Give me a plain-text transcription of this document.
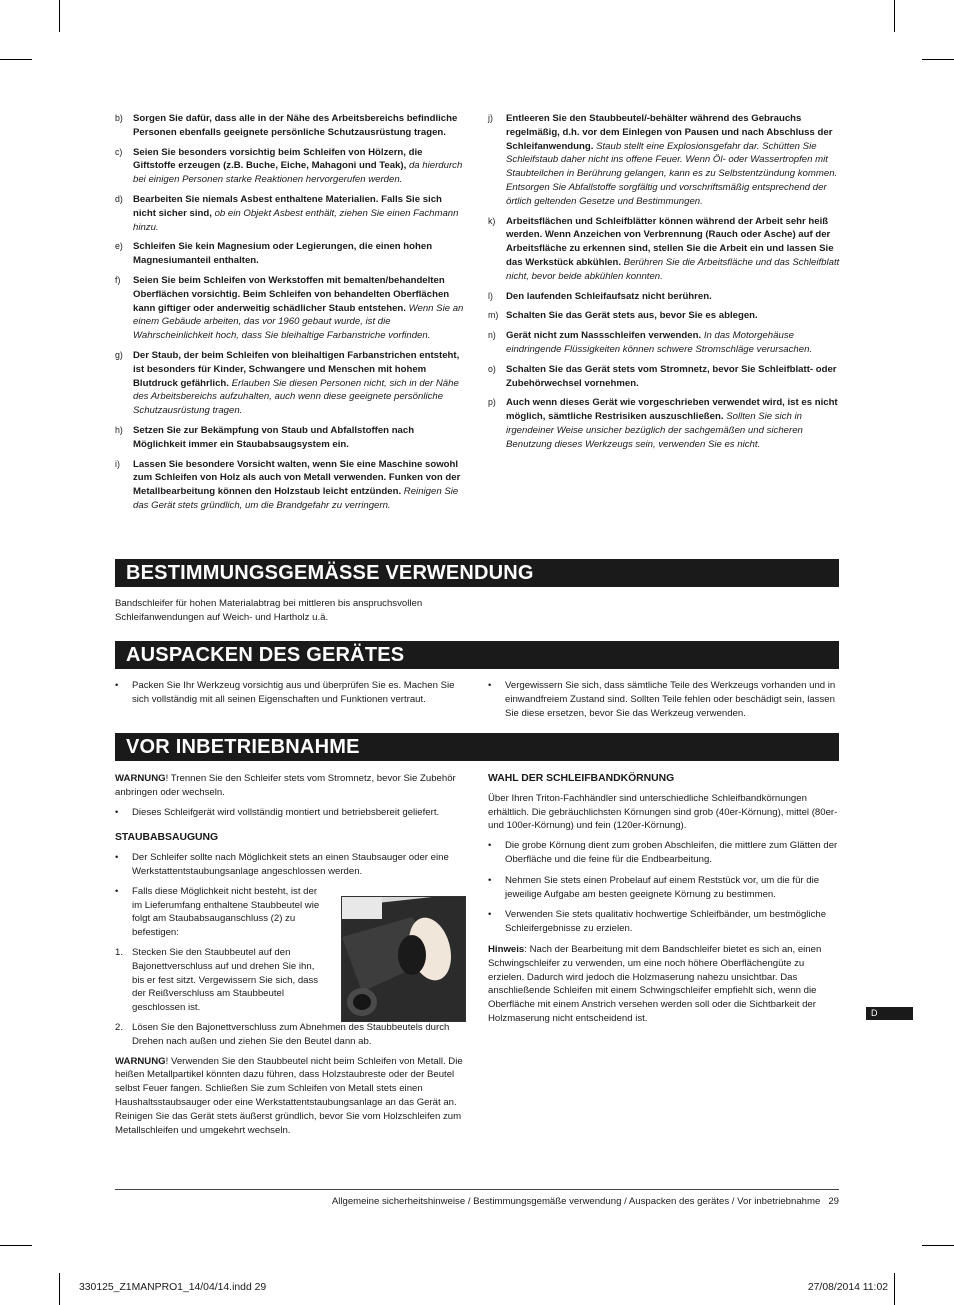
b)	Sorgen Sie dafür, dass alle in der Nähe des Arbeitsbereichs befindliche Personen ebenfalls geeignete persönliche Schutzausrüstung tragen.
c)	Seien Sie besonders vorsichtig beim Schleifen von Hölzern, die Giftstoffe erzeugen (z.B. Buche, Eiche, Mahagoni und Teak), da hierdurch bei einigen Personen starke Reaktionen hervorgerufen werden.
d)	Bearbeiten Sie niemals Asbest enthaltene Materialien. Falls Sie sich nicht sicher sind, ob ein Objekt Asbest enthält, ziehen Sie einen Fachmann hinzu.
e)	Schleifen Sie kein Magnesium oder Legierungen, die einen hohen Magnesiumanteil enthalten.
f)	Seien Sie beim Schleifen von Werkstoffen mit bemalten/behandelten Oberflächen vorsichtig. Beim Schleifen von behandelten Oberflächen kann giftiger oder anderweitig schädlicher Staub entstehen. Wenn Sie an einem Gebäude arbeiten, das vor 1960 gebaut wurde, ist die Wahrscheinlichkeit hoch, dass Sie bleihaltige Farbanstriche vorfinden.
g)	Der Staub, der beim Schleifen von bleihaltigen Farbanstrichen entsteht, ist besonders für Kinder, Schwangere und Menschen mit hohem Blutdruck gefährlich. Erlauben Sie diesen Personen nicht, sich in der Nähe des Arbeitsbereichs aufzuhalten, auch wenn diese geeignete persönliche Schutzausrüstung tragen.
h)	Setzen Sie zur Bekämpfung von Staub und Abfallstoffen nach Möglichkeit immer ein Staubabsaugsystem ein.
i)	Lassen Sie besondere Vorsicht walten, wenn Sie eine Maschine sowohl zum Schleifen von Holz als auch von Metall verwenden. Funken von der Metallbearbeitung können den Holzstaub leicht entzünden. Reinigen Sie das Gerät stets gründlich, um die Brandgefahr zu verringern.
j)	Entleeren Sie den Staubbeutel/-behälter während des Gebrauchs regelmäßig, d.h. vor dem Einlegen von Pausen und nach Abschluss der Schleifanwendung. Staub stellt eine Explosionsgefahr dar. Schütten Sie Schleifstaub daher nicht ins offene Feuer. Wenn Öl- oder Wassertropfen mit Staubteilchen in Berührung gelangen, kann es zu Selbstentzündung kommen. Entsorgen Sie Abfallstoffe sorgfältig und vorschriftsmäßig entsprechend der örtlich geltenden Gesetze und Bestimmungen.
k)	Arbeitsflächen und Schleifblätter können während der Arbeit sehr heiß werden. Wenn Anzeichen von Verbrennung (Rauch oder Asche) auf der Arbeitsfläche zu erkennen sind, stellen Sie die Arbeit ein und lassen Sie das Werkstück abkühlen. Berühren Sie die Arbeitsfläche und das Schleifblatt nicht, bevor beide abkühlen konnten.
l)	Den laufenden Schleifaufsatz nicht berühren.
m) Schalten Sie das Gerät stets aus, bevor Sie es ablegen.
n)	Gerät nicht zum Nassschleifen verwenden. In das Motorgehäuse eindringende Flüssigkeiten können schwere Stromschläge verursachen.
o)	Schalten Sie das Gerät stets vom Stromnetz, bevor Sie Schleifblatt- oder Zubehörwechsel vornehmen.
p)	Auch wenn dieses Gerät wie vorgeschrieben verwendet wird, ist es nicht möglich, sämtliche Restrisiken auszuschließen. Sollten Sie sich in irgendeiner Weise unsicher bezüglich der sachgemäßen und sicheren Benutzung dieses Werkzeugs sein, verwenden Sie es nicht.
BESTIMMUNGSGEMÄSSE VERWENDUNG
Bandschleifer für hohen Materialabtrag bei mittleren bis anspruchsvollen Schleifanwendungen auf Weich- und Hartholz u.ä.
AUSPACKEN DES GERÄTES
•	Packen Sie Ihr Werkzeug vorsichtig aus und überprüfen Sie es. Machen Sie sich vollständig mit all seinen Eigenschaften und Funktionen vertraut.
•	Vergewissern Sie sich, dass sämtliche Teile des Werkzeugs vorhanden und in einwandfreiem Zustand sind. Sollten Teile fehlen oder beschädigt sein, lassen Sie diese ersetzen, bevor Sie das Werkzeug verwenden.
VOR INBETRIEBNAHME
WARNUNG! Trennen Sie den Schleifer stets vom Stromnetz, bevor Sie Zubehör anbringen oder wechseln.
•	Dieses Schleifgerät wird vollständig montiert und betriebsbereit geliefert.
STAUBABSAUGUNG
•	Der Schleifer sollte nach Möglichkeit stets an einen Staubsauger oder eine Werkstattentstaubungsanlage angeschlossen werden.
•	Falls diese Möglichkeit nicht besteht, ist der im Lieferumfang enthaltene Staubbeutel wie folgt am Staubabsauganschluss (2) zu befestigen:
1. Stecken Sie den Staubbeutel auf den Bajonettverschluss auf und drehen Sie ihn, bis er fest sitzt. Vergewissern Sie sich, dass der Reißverschluss am Staubbeutel geschlossen ist.
2. Lösen Sie den Bajonettverschluss zum Abnehmen des Staubbeutels durch Drehen nach außen und ziehen Sie den Beutel dann ab.
WARNUNG! Verwenden Sie den Staubbeutel nicht beim Schleifen von Metall. Die heißen Metallpartikel könnten dazu führen, dass Holzstaubreste oder der Beutel selbst Feuer fangen. Schließen Sie zum Schleifen von Metall stets einen Haushaltsstaubsauger oder eine Werkstattentstaubungsanlage an das Gerät an. Reinigen Sie das Gerät stets äußerst gründlich, bevor Sie vom Holzschleifen zum Metallschleifen und umgekehrt wechseln.
WAHL DER SCHLEIFBANDKÖRNUNG
Über Ihren Triton-Fachhändler sind unterschiedliche Schleifbandkörnungen erhältlich. Die gebräuchlichsten Körnungen sind grob (40er-Körnung), mittel (80er- und 100er-Körnung) und fein (120er-Körnung).
•	Die grobe Körnung dient zum groben Abschleifen, die mittlere zum Glätten der Oberfläche und die feine für die Endbearbeitung.
•	Nehmen Sie stets einen Probelauf auf einem Reststück vor, um die für die jeweilige Aufgabe am besten geeignete Körnung zu bestimmen.
•	Verwenden Sie stets qualitativ hochwertige Schleifbänder, um bestmögliche Schleifergebnisse zu erzielen.
Hinweis: Nach der Bearbeitung mit dem Bandschleifer bietet es sich an, einen Schwingschleifer zu verwenden, um eine noch höhere Oberflächengüte zu erzielen. Dadurch wird jedoch die Holzmaserung nahezu unsichtbar. Das anschließende Schleifen mit einem Schwingschleifer empfiehlt sich, wenn die Oberfläche mit einem Anstrich versehen werden soll oder die Sichtbarkeit der Holzmaserung nicht entscheidend ist.	D
Allgemeine sicherheitshinweise / Bestimmungsgemäße verwendung / Auspacken des gerätes / Vor inbetriebnahme 29
330125_Z1MANPRO1_14/04/14.indd 29	27/08/2014 11:02
